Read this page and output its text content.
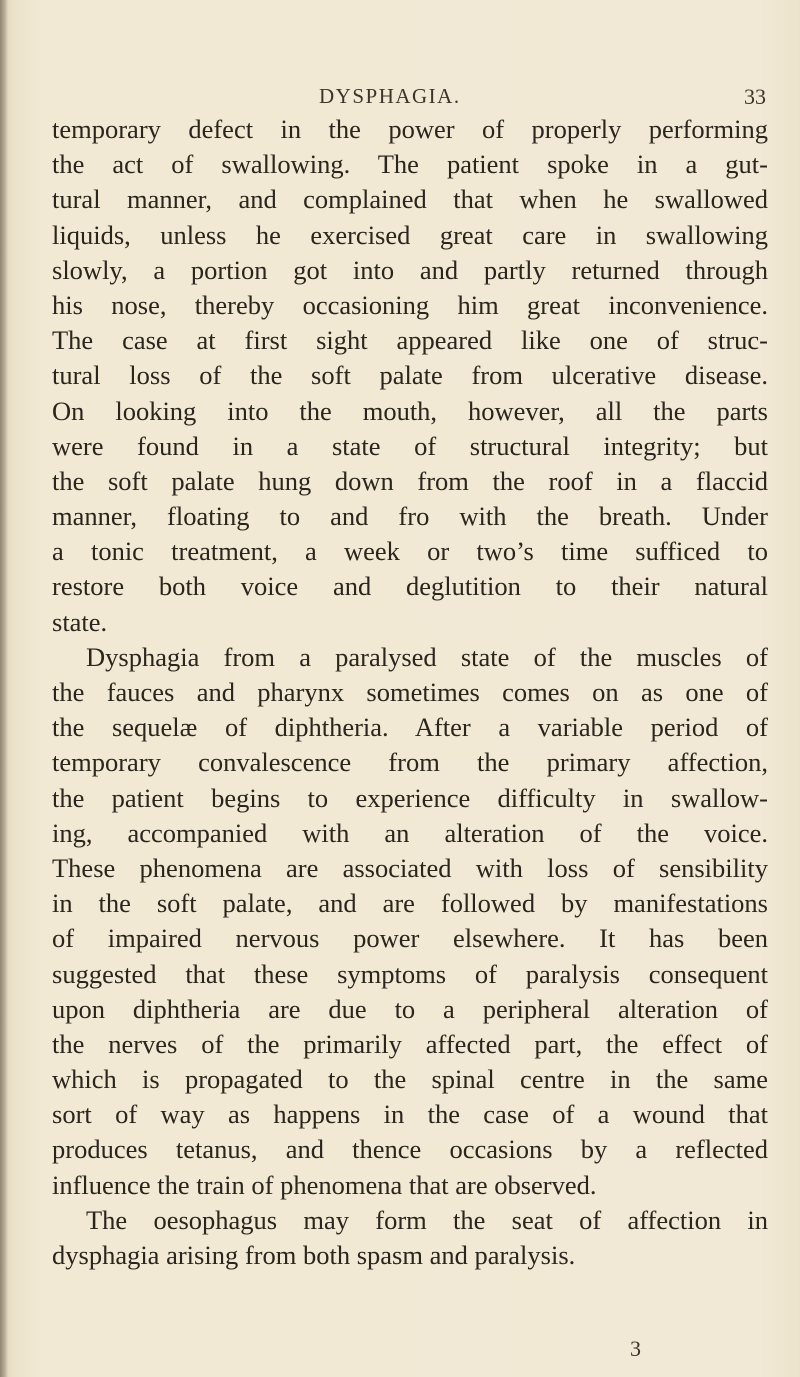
DYSPHAGIA.	33
temporary defect in the power of properly performing
the act of swallowing. The patient spoke in a gut-
tural manner, and complained that when he swallowed
liquids, unless he exercised great care in swallowing
slowly, a portion got into and partly returned through
his nose, thereby occasioning him great inconvenience.
The case at first sight appeared like one of struc-
tural loss of the soft palate from ulcerative disease.
On looking into the mouth, however, all the parts
were found in a state of structural integrity; but
the soft palate hung down from the roof in a flaccid
manner, floating to and fro with the breath. Under
a tonic treatment, a week or two’s time sufficed to
restore both voice and deglutition to their natural
state.
Dysphagia from a paralysed state of the muscles of
the fauces and pharynx sometimes comes on as one of
the sequelæ of diphtheria. After a variable period of
temporary convalescence from the primary affection,
the patient begins to experience difficulty in swallow-
ing, accompanied with an alteration of the voice.
These phenomena are associated with loss of sensibility
in the soft palate, and are followed by manifestations
of impaired nervous power elsewhere. It has been
suggested that these symptoms of paralysis consequent
upon diphtheria are due to a peripheral alteration of
the nerves of the primarily affected part, the effect of
which is propagated to the spinal centre in the same
sort of way as happens in the case of a wound that
produces tetanus, and thence occasions by a reflected
influence the train of phenomena that are observed.
The oesophagus may form the seat of affection in
dysphagia arising from both spasm and paralysis.
3
